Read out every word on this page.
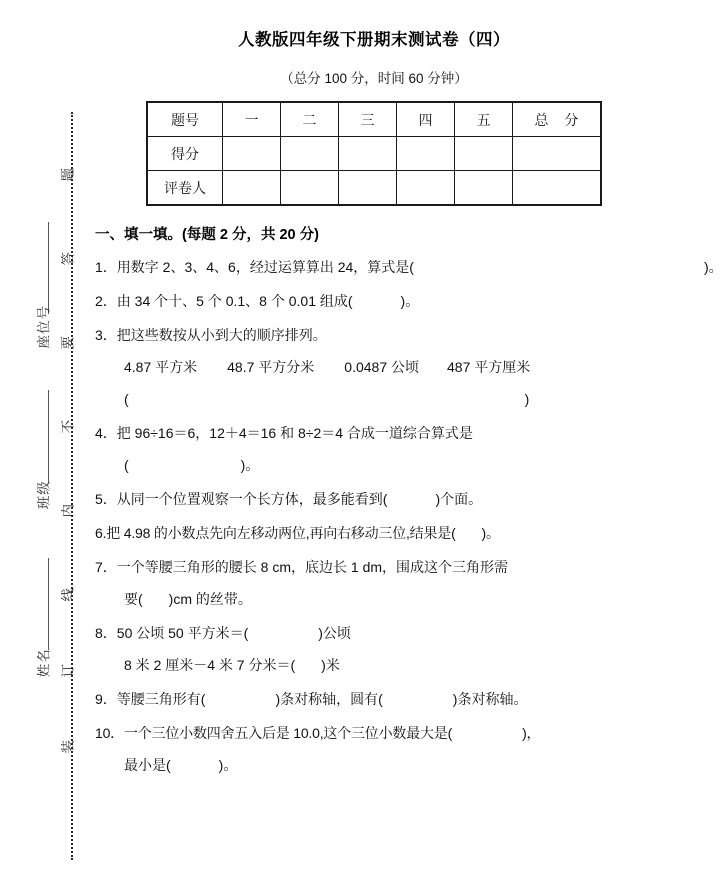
题
答
要
不
内
线
订
装
座位号
班级
姓名
人教版四年级下册期末测试卷（四）
（总分 100 分，时间 60 分钟）
题号	一	二	三	四	五	总 分
得分						
评卷人						
一、填一填。(每题 2 分，共 20 分)
1．用数字 2、3、4、6，经过运算算出 24，算式是(	)。
2．由 34 个十、5 个 0.1、8 个 0.01 组成(	)。
3．把这些数按从小到大的顺序排列。
4.87 平方米 48.7 平方分米 0.0487 公顷 487 平方厘米
(	)
4．把 96÷16＝6，12＋4＝16 和 8÷2＝4 合成一道综合算式是
(	)。
5．从同一个位置观察一个长方体，最多能看到(	)个面。
6.把 4.98 的小数点先向左移动两位,再向右移动三位,结果是( )。
7．一个等腰三角形的腰长 8 cm，底边长 1 dm，围成这个三角形需
要( )cm 的丝带。
8．50 公顷 50 平方米＝(	)公顷
8 米 2 厘米－4 米 7 分米＝( )米
9．等腰三角形有(	)条对称轴，圆有(	)条对称轴。
10．一个三位小数四舍五入后是 10.0,这个三位小数最大是(	)，
最小是(	)。
